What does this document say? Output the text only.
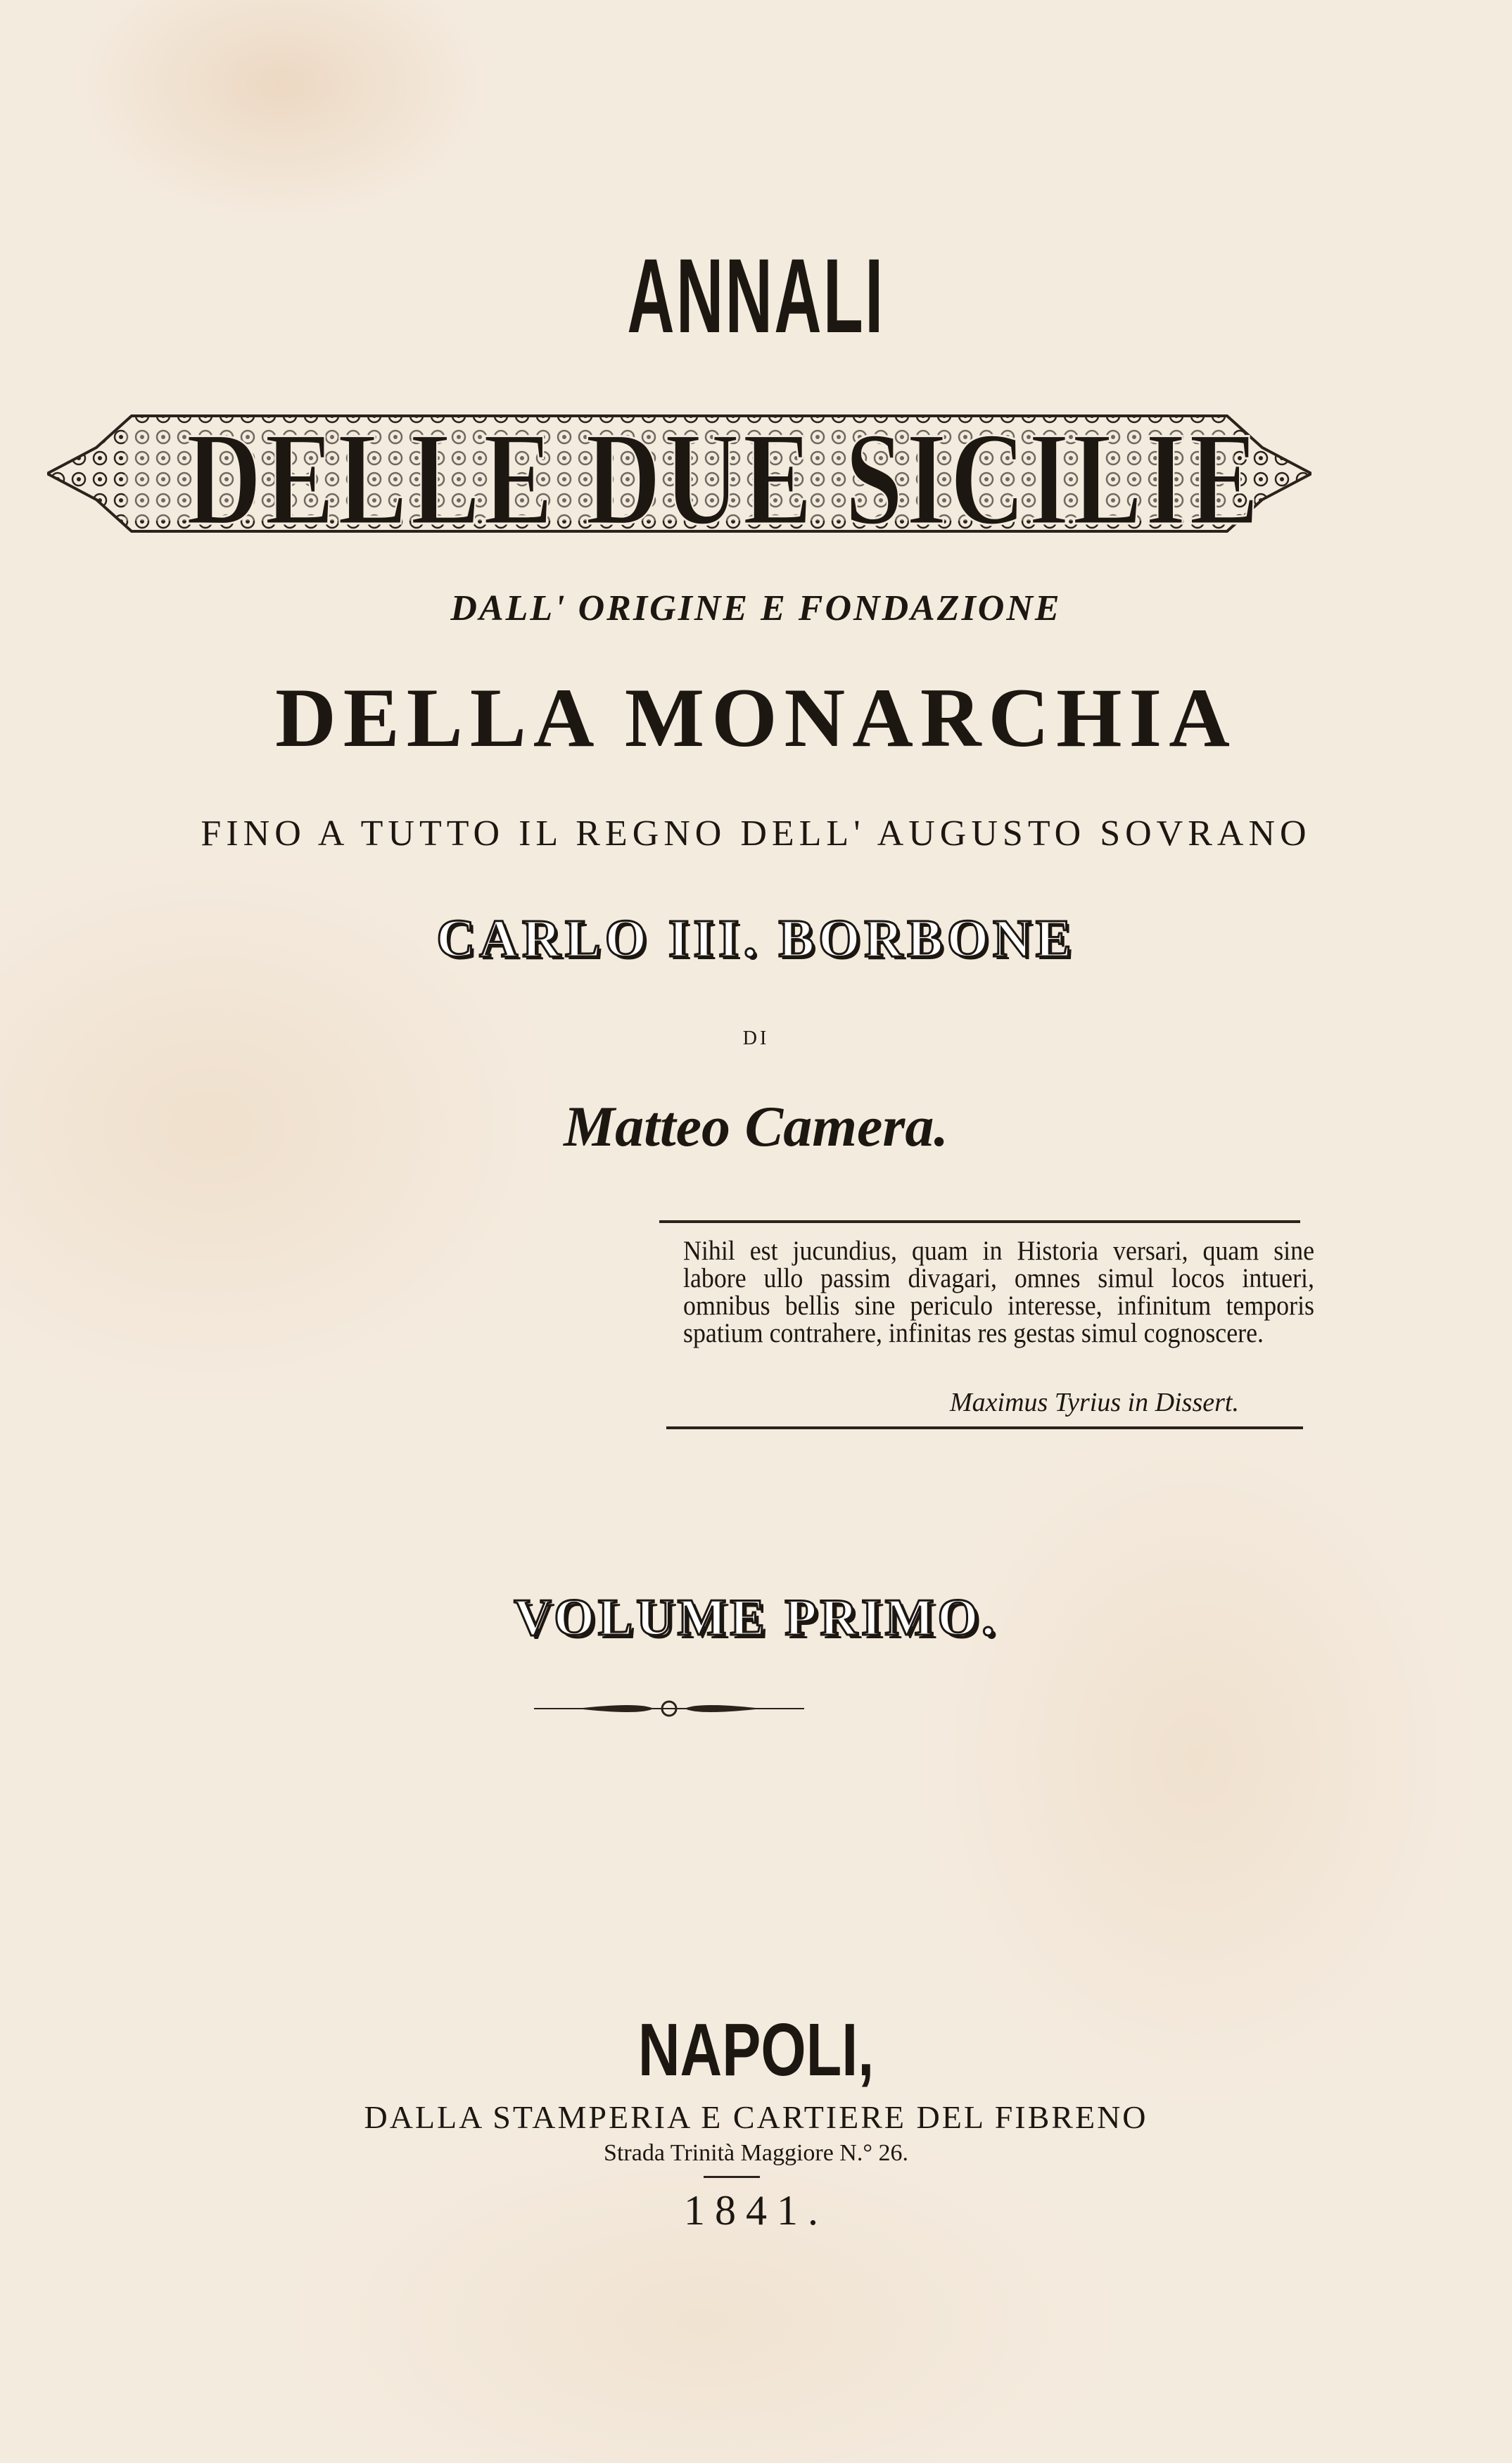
ANNALI
DELLE DUE SICILIE
DALL' ORIGINE E FONDAZIONE
DELLA MONARCHIA
FINO A TUTTO IL REGNO DELL' AUGUSTO SOVRANO
CARLO III. BORBONE
DI
Matteo Camera.
Nihil est jucundius, quam in Historia versari, quam sine labore ullo passim divagari, omnes simul locos intueri, omnibus bellis sine periculo interesse, infinitum temporis spatium contrahere, infinitas res gestas simul cognoscere.
Maximus Tyrius in Dissert.
VOLUME PRIMO.
NAPOLI,
DALLA STAMPERIA E CARTIERE DEL FIBRENO
Strada Trinità Maggiore N.° 26.
1841.
